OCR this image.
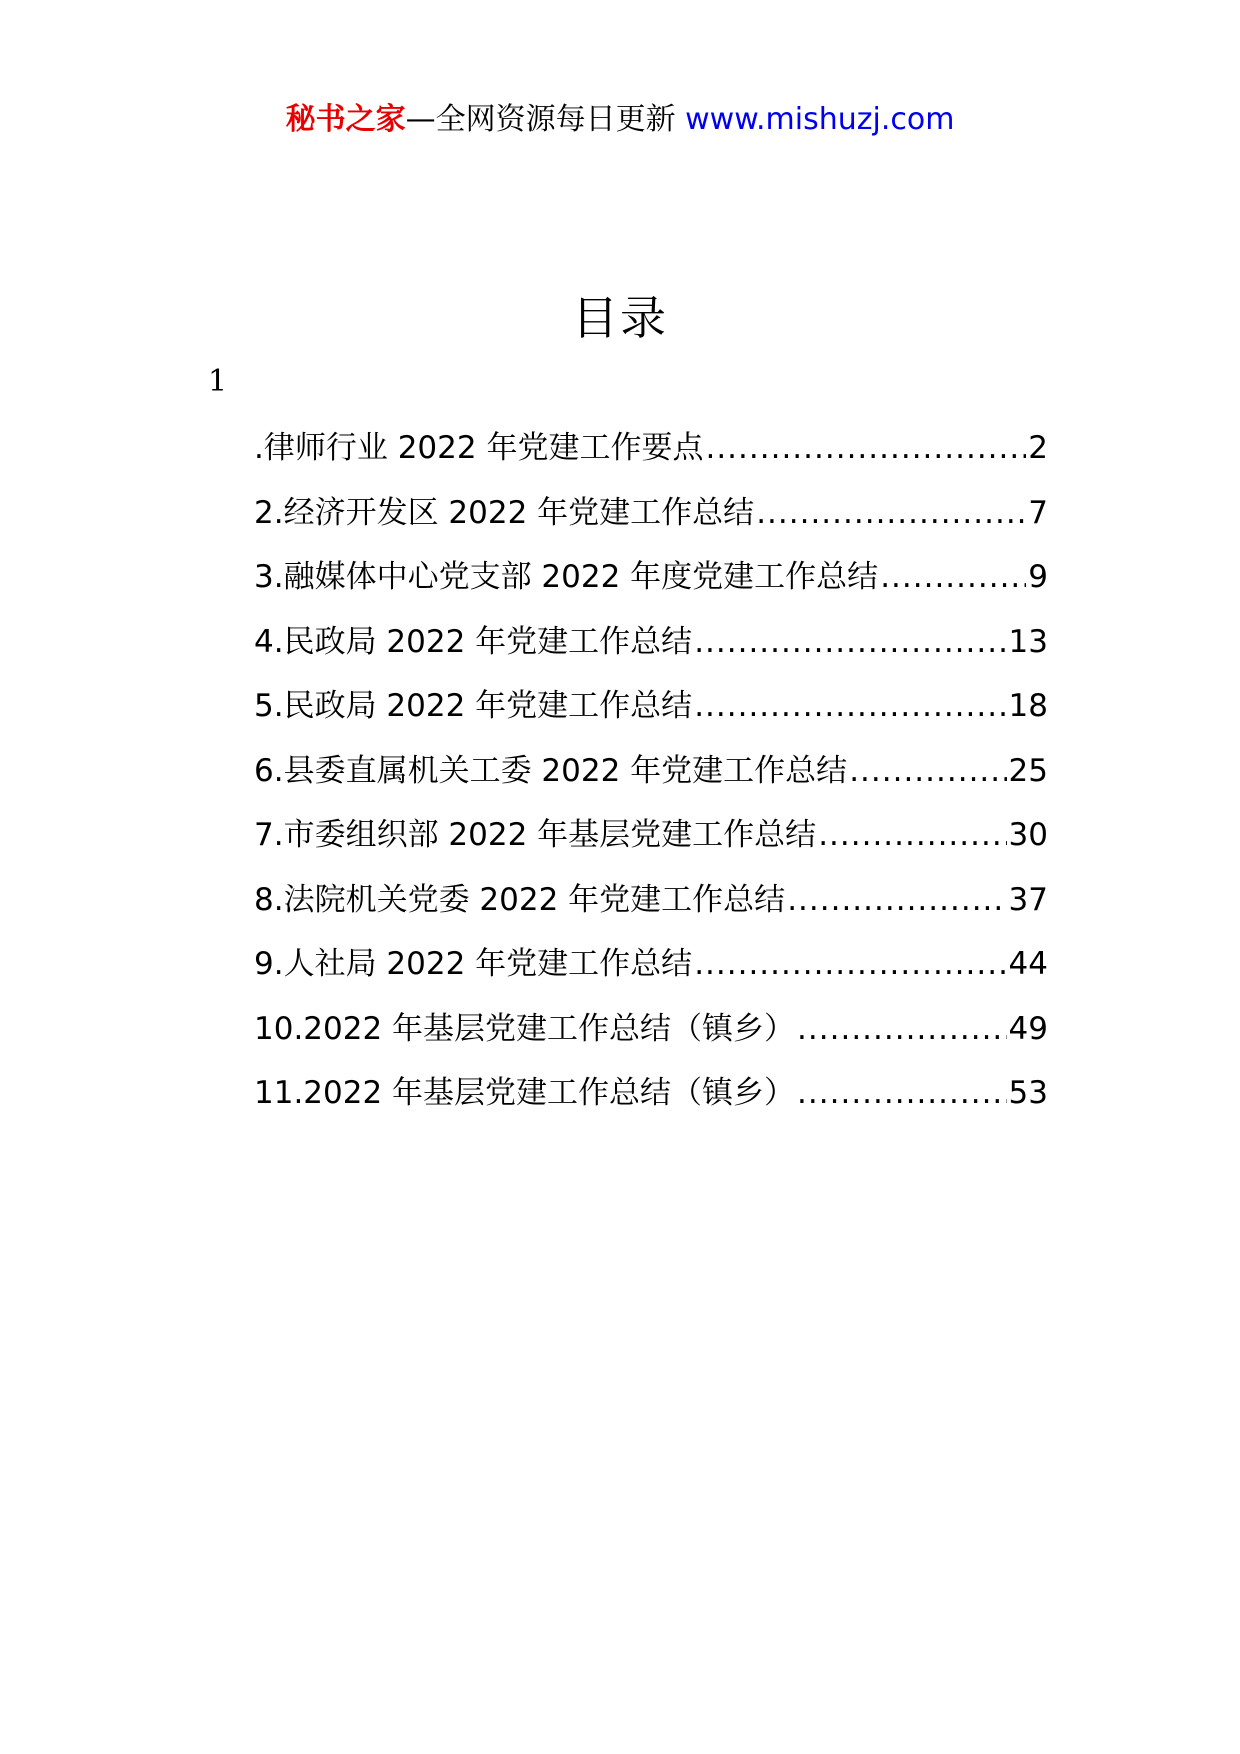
秘书之家—全网资源每日更新 www.mishuzj.com
目录
1
.律师行业 2022 年党建工作要点 .....	2
2.经济开发区 2022 年党建工作总结 .....	7
3.融媒体中心党支部 2022 年度党建工作总结 .....	9
4.民政局 2022 年党建工作总结 .....	13
5.民政局 2022 年党建工作总结 .....	18
6.县委直属机关工委 2022 年党建工作总结 .....	25
7.市委组织部 2022 年基层党建工作总结 .....	30
8.法院机关党委 2022 年党建工作总结 .....	37
9.人社局 2022 年党建工作总结 .....	44
10.2022 年基层党建工作总结（镇乡） .....	49
11.2022 年基层党建工作总结（镇乡） .....	53
